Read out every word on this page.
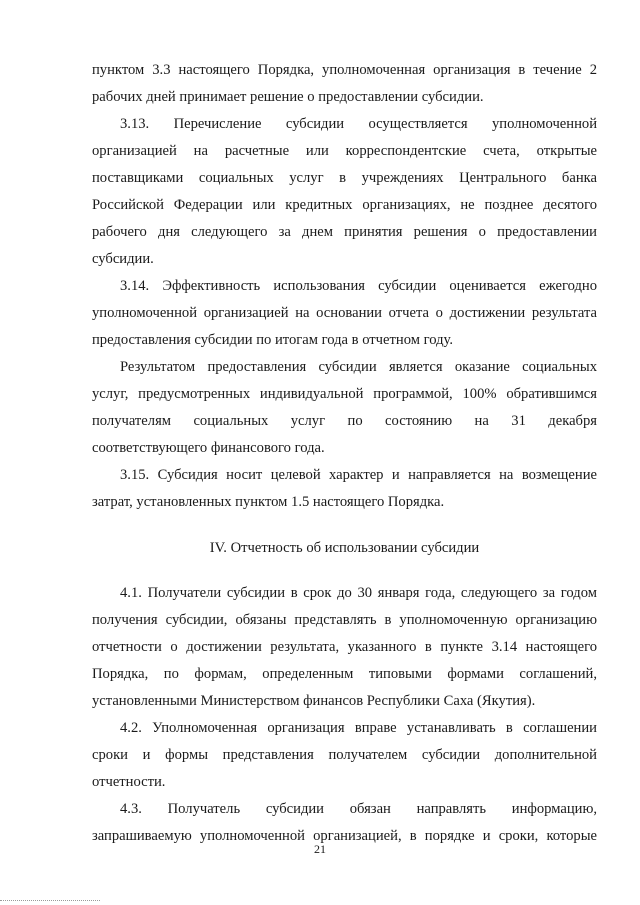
пунктом 3.3 настоящего Порядка, уполномоченная организация в течение 2
рабочих дней принимает решение о предоставлении субсидии.
3.13. Перечисление субсидии осуществляется уполномоченной
организацией на расчетные или корреспондентские счета, открытые
поставщиками социальных услуг в учреждениях Центрального банка
Российской Федерации или кредитных организациях, не позднее десятого
рабочего дня следующего за днем принятия решения о предоставлении
субсидии.
3.14. Эффективность использования субсидии оценивается ежегодно
уполномоченной организацией на основании отчета о достижении результата
предоставления субсидии по итогам года в отчетном году.
Результатом предоставления субсидии является оказание социальных
услуг, предусмотренных индивидуальной программой, 100% обратившимся
получателям социальных услуг по состоянию на 31 декабря
соответствующего финансового года.
3.15. Субсидия носит целевой характер и направляется на возмещение
затрат, установленных пунктом 1.5 настоящего Порядка.
IV. Отчетность об использовании субсидии
4.1. Получатели субсидии в срок до 30 января года, следующего за годом
получения субсидии, обязаны представлять в уполномоченную организацию
отчетности о достижении результата, указанного в пункте 3.14 настоящего
Порядка, по формам, определенным типовыми формами соглашений,
установленными Министерством финансов Республики Саха (Якутия).
4.2. Уполномоченная организация вправе устанавливать в соглашении
сроки и формы представления получателем субсидии дополнительной
отчетности.
4.3. Получатель субсидии обязан направлять информацию,
запрашиваемую уполномоченной организацией, в порядке и сроки, которые
21
